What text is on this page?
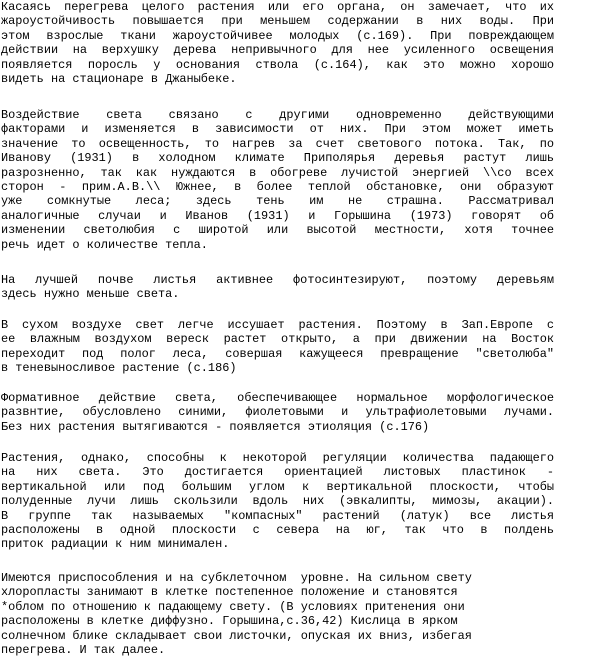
Касаясь перегрева целого растения или его органа, он замечает, что их
жароустойчивость повышается при меньшем содержании в них воды. При
этом взрослые ткани жароустойчивее молодых (с.169). При повреждающем
действии на верхушку дерева непривычного для нее усиленного освещения
появляется поросль у основания ствола (с.164), как это можно хорошо
видеть на стационаре в Джаныбеке.
Воздействие света связано с другими одновременно действующими
факторами и изменяется в зависимости от них. При этом может иметь
значение то освещенность, то нагрев за счет светового потока. Так, по
Иванову (1931) в холодном климате Приполярья деревья растут лишь
разрозненно, так как нуждаются в обогреве лучистой энергией \\со всех
сторон - прим.А.В.\\ Южнее, в более теплой обстановке, они образуют
уже сомкнутые леса; здесь тень им не страшна. Рассматривал
аналогичные случаи и Иванов (1931) и Горышина (1973) говорят об
изменении светолюбия с широтой или высотой местности, хотя точнее
речь идет о количестве тепла.
На лучшей почве листья активнее фотосинтезируют, поэтому деревьям
здесь нужно меньше света.
В сухом воздухе свет легче иссушает растения. Поэтому в Зап.Европе с
ее влажным воздухом вереск растет открыто, а при движении на Восток
переходит под полог леса, совершая кажущееся превращение "светолюба"
в теневыносливое растение (с.186)
Формативное действие света, обеспечивающее нормальное морфологическое
развнтие, обусловлено синими, фиолетовыми и ультрафиолетовыми лучами.
Без них растения вытягиваются - появляется этиоляция (с.176)
Растения, однако, способны к некоторой регуляции количества падающего
на них света. Это достигается ориентацией листовых пластинок -
вертикальной или под большим углом к вертикальной плоскости, чтобы
полуденные лучи лишь скользили вдоль них (эвкалипты, мимозы, акации).
В группе так называемых "компасных" растений (латук) все листья
расположены в одной плоскости с севера на юг, так что в полдень
приток радиации к ним минимален.
Имеются приспособления и на субклеточном  уровне. На сильном свету
хлоропласты занимают в клетке постепенное положение и становятся
*облом по отношению к падающему свету. (В условиях притенения они
расположены в клетке диффузно. Горышина,с.36,42) Кислица в ярком
солнечном блике складывает свои листочки, опуская их вниз, избегая
перегрева. И так далее.
